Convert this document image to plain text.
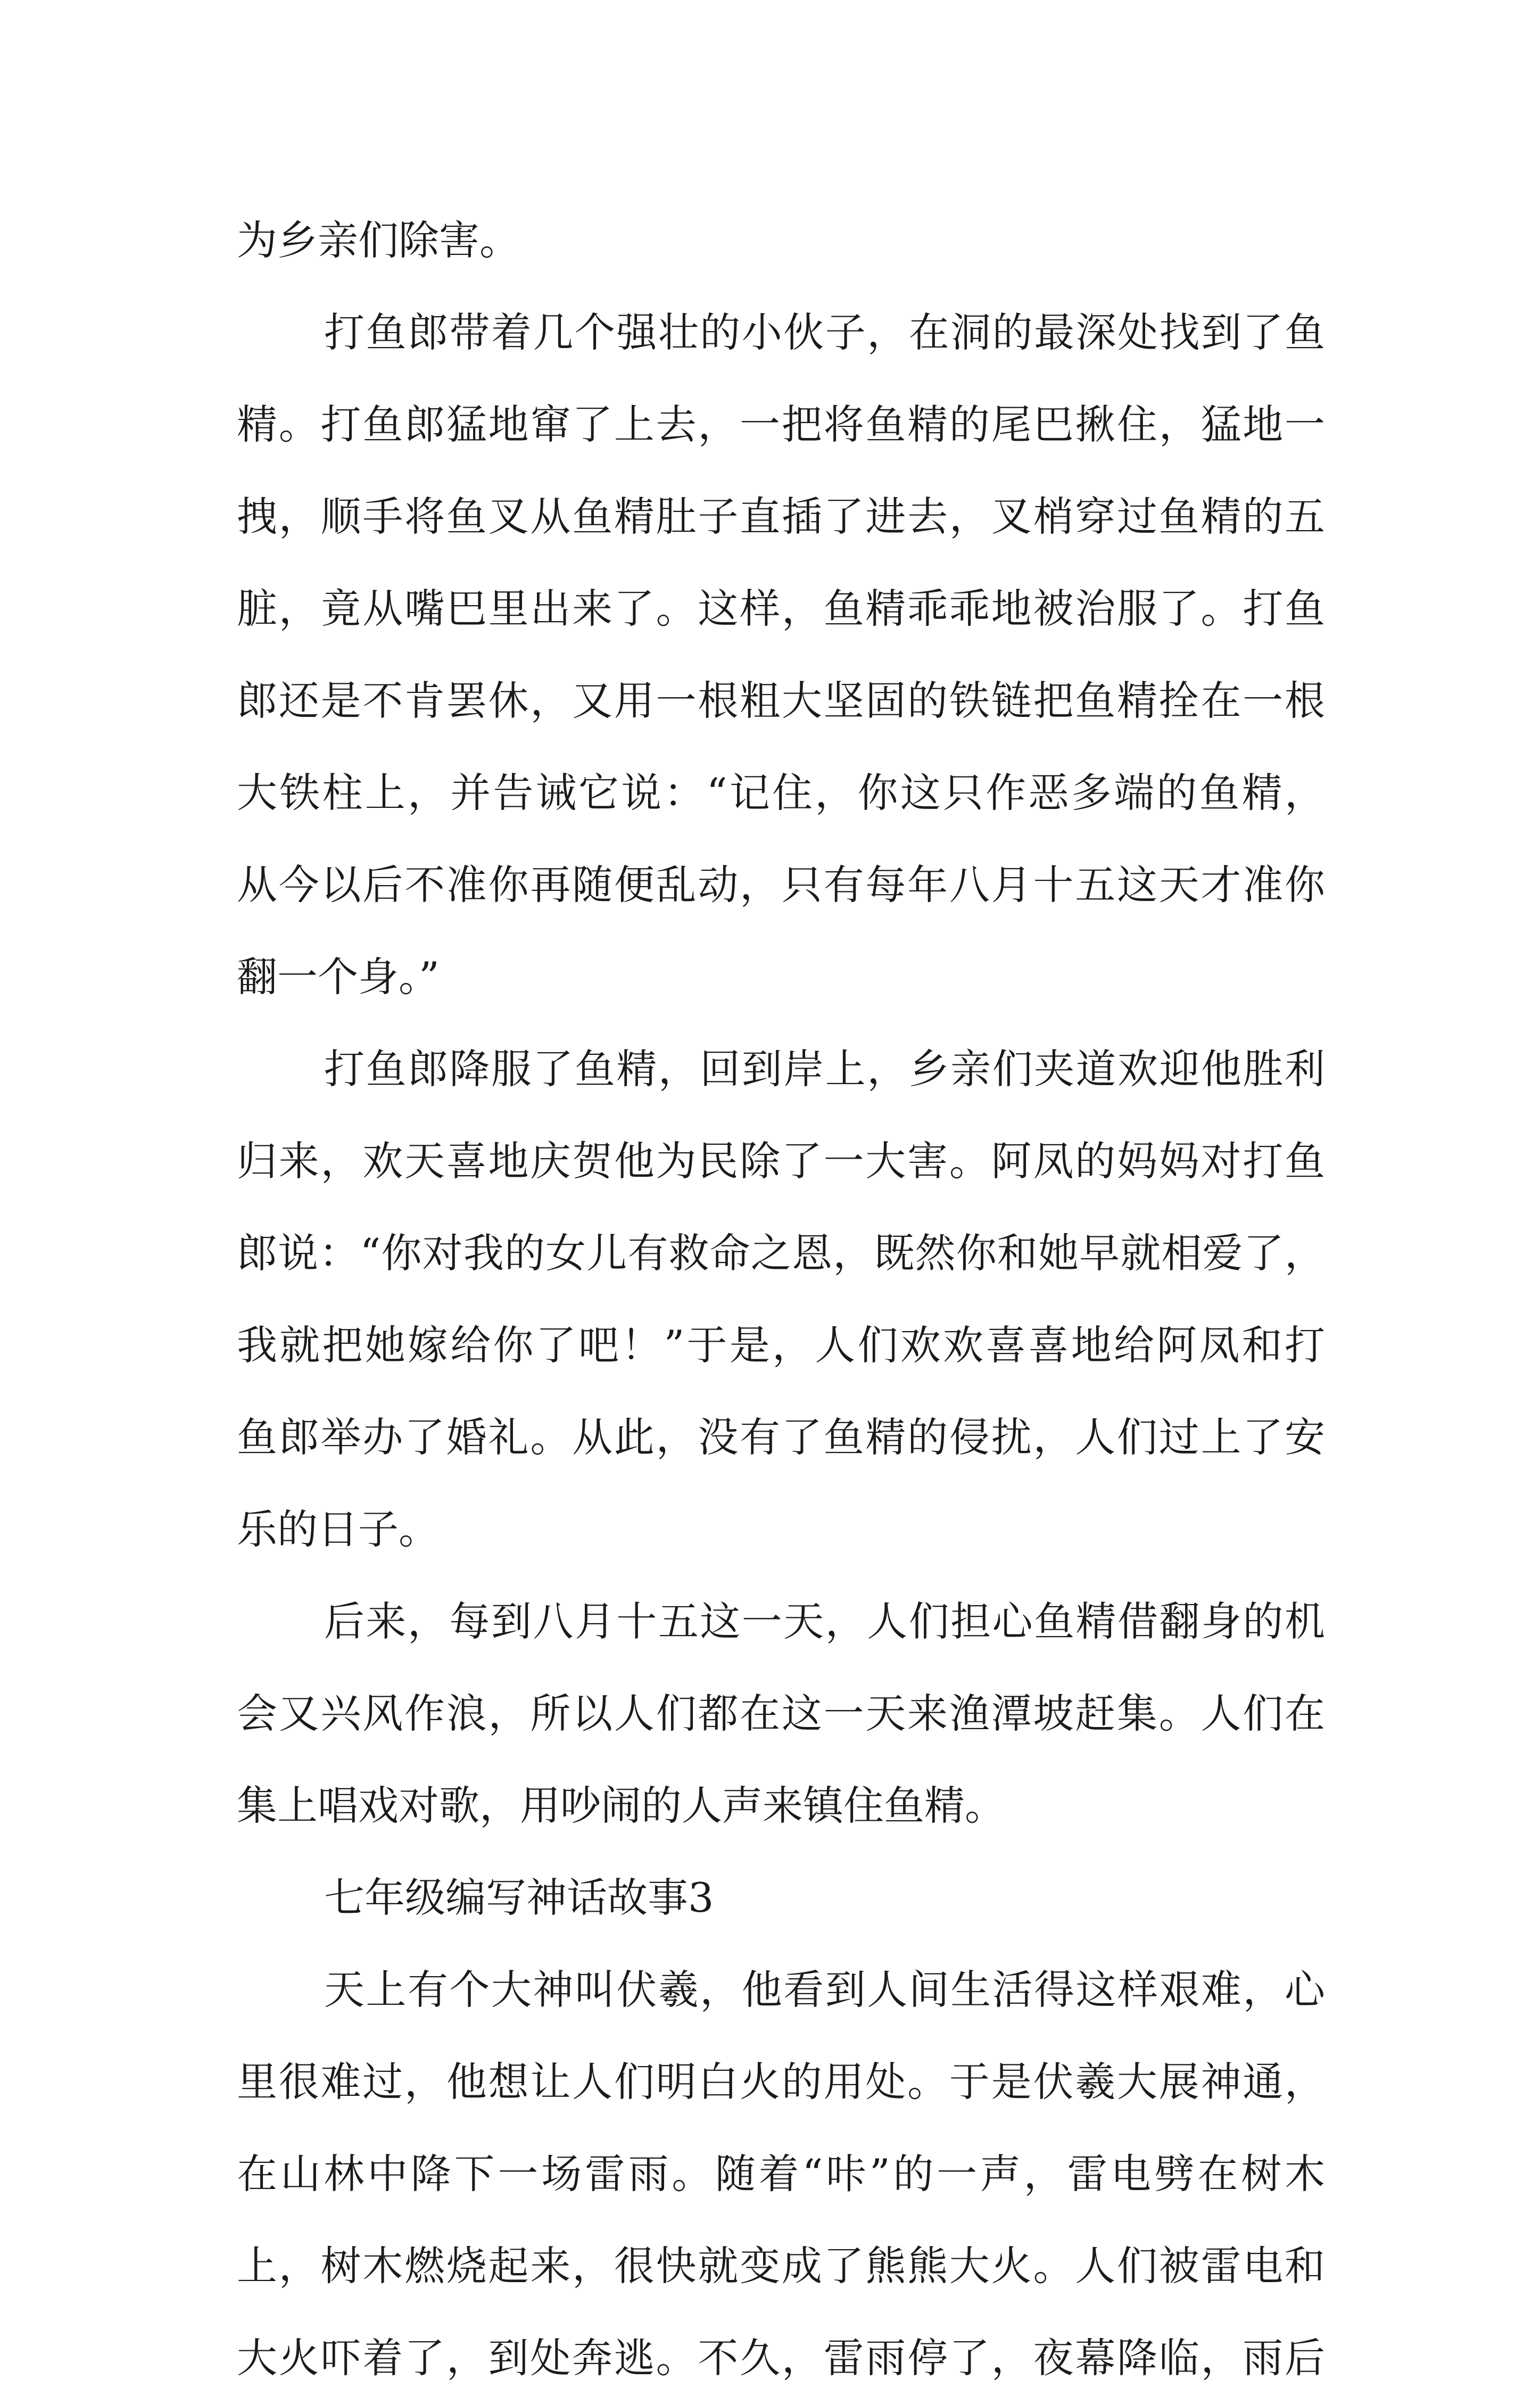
为乡亲们除害。
打鱼郎带着几个强壮的小伙子，在洞的最深处找到了鱼
精。打鱼郎猛地窜了上去，一把将鱼精的尾巴揪住，猛地一
拽，顺手将鱼叉从鱼精肚子直插了进去，叉梢穿过鱼精的五
脏，竟从嘴巴里出来了。这样，鱼精乖乖地被治服了。打鱼
郎还是不肯罢休，又用一根粗大坚固的铁链把鱼精拴在一根
大铁柱上，并告诫它说：“记住，你这只作恶多端的鱼精，
从今以后不准你再随便乱动，只有每年八月十五这天才准你
翻一个身。”
打鱼郎降服了鱼精，回到岸上，乡亲们夹道欢迎他胜利
归来，欢天喜地庆贺他为民除了一大害。阿凤的妈妈对打鱼
郎说：“你对我的女儿有救命之恩，既然你和她早就相爱了，
我就把她嫁给你了吧！”于是，人们欢欢喜喜地给阿凤和打
鱼郎举办了婚礼。从此，没有了鱼精的侵扰，人们过上了安
乐的日子。
后来，每到八月十五这一天，人们担心鱼精借翻身的机
会又兴风作浪，所以人们都在这一天来渔潭坡赶集。人们在
集上唱戏对歌，用吵闹的人声来镇住鱼精。
七年级编写神话故事3
天上有个大神叫伏羲，他看到人间生活得这样艰难，心
里很难过，他想让人们明白火的用处。于是伏羲大展神通，
在山林中降下一场雷雨。随着“咔”的一声，雷电劈在树木
上，树木燃烧起来，很快就变成了熊熊大火。人们被雷电和
大火吓着了，到处奔逃。不久，雷雨停了，夜幕降临，雨后
